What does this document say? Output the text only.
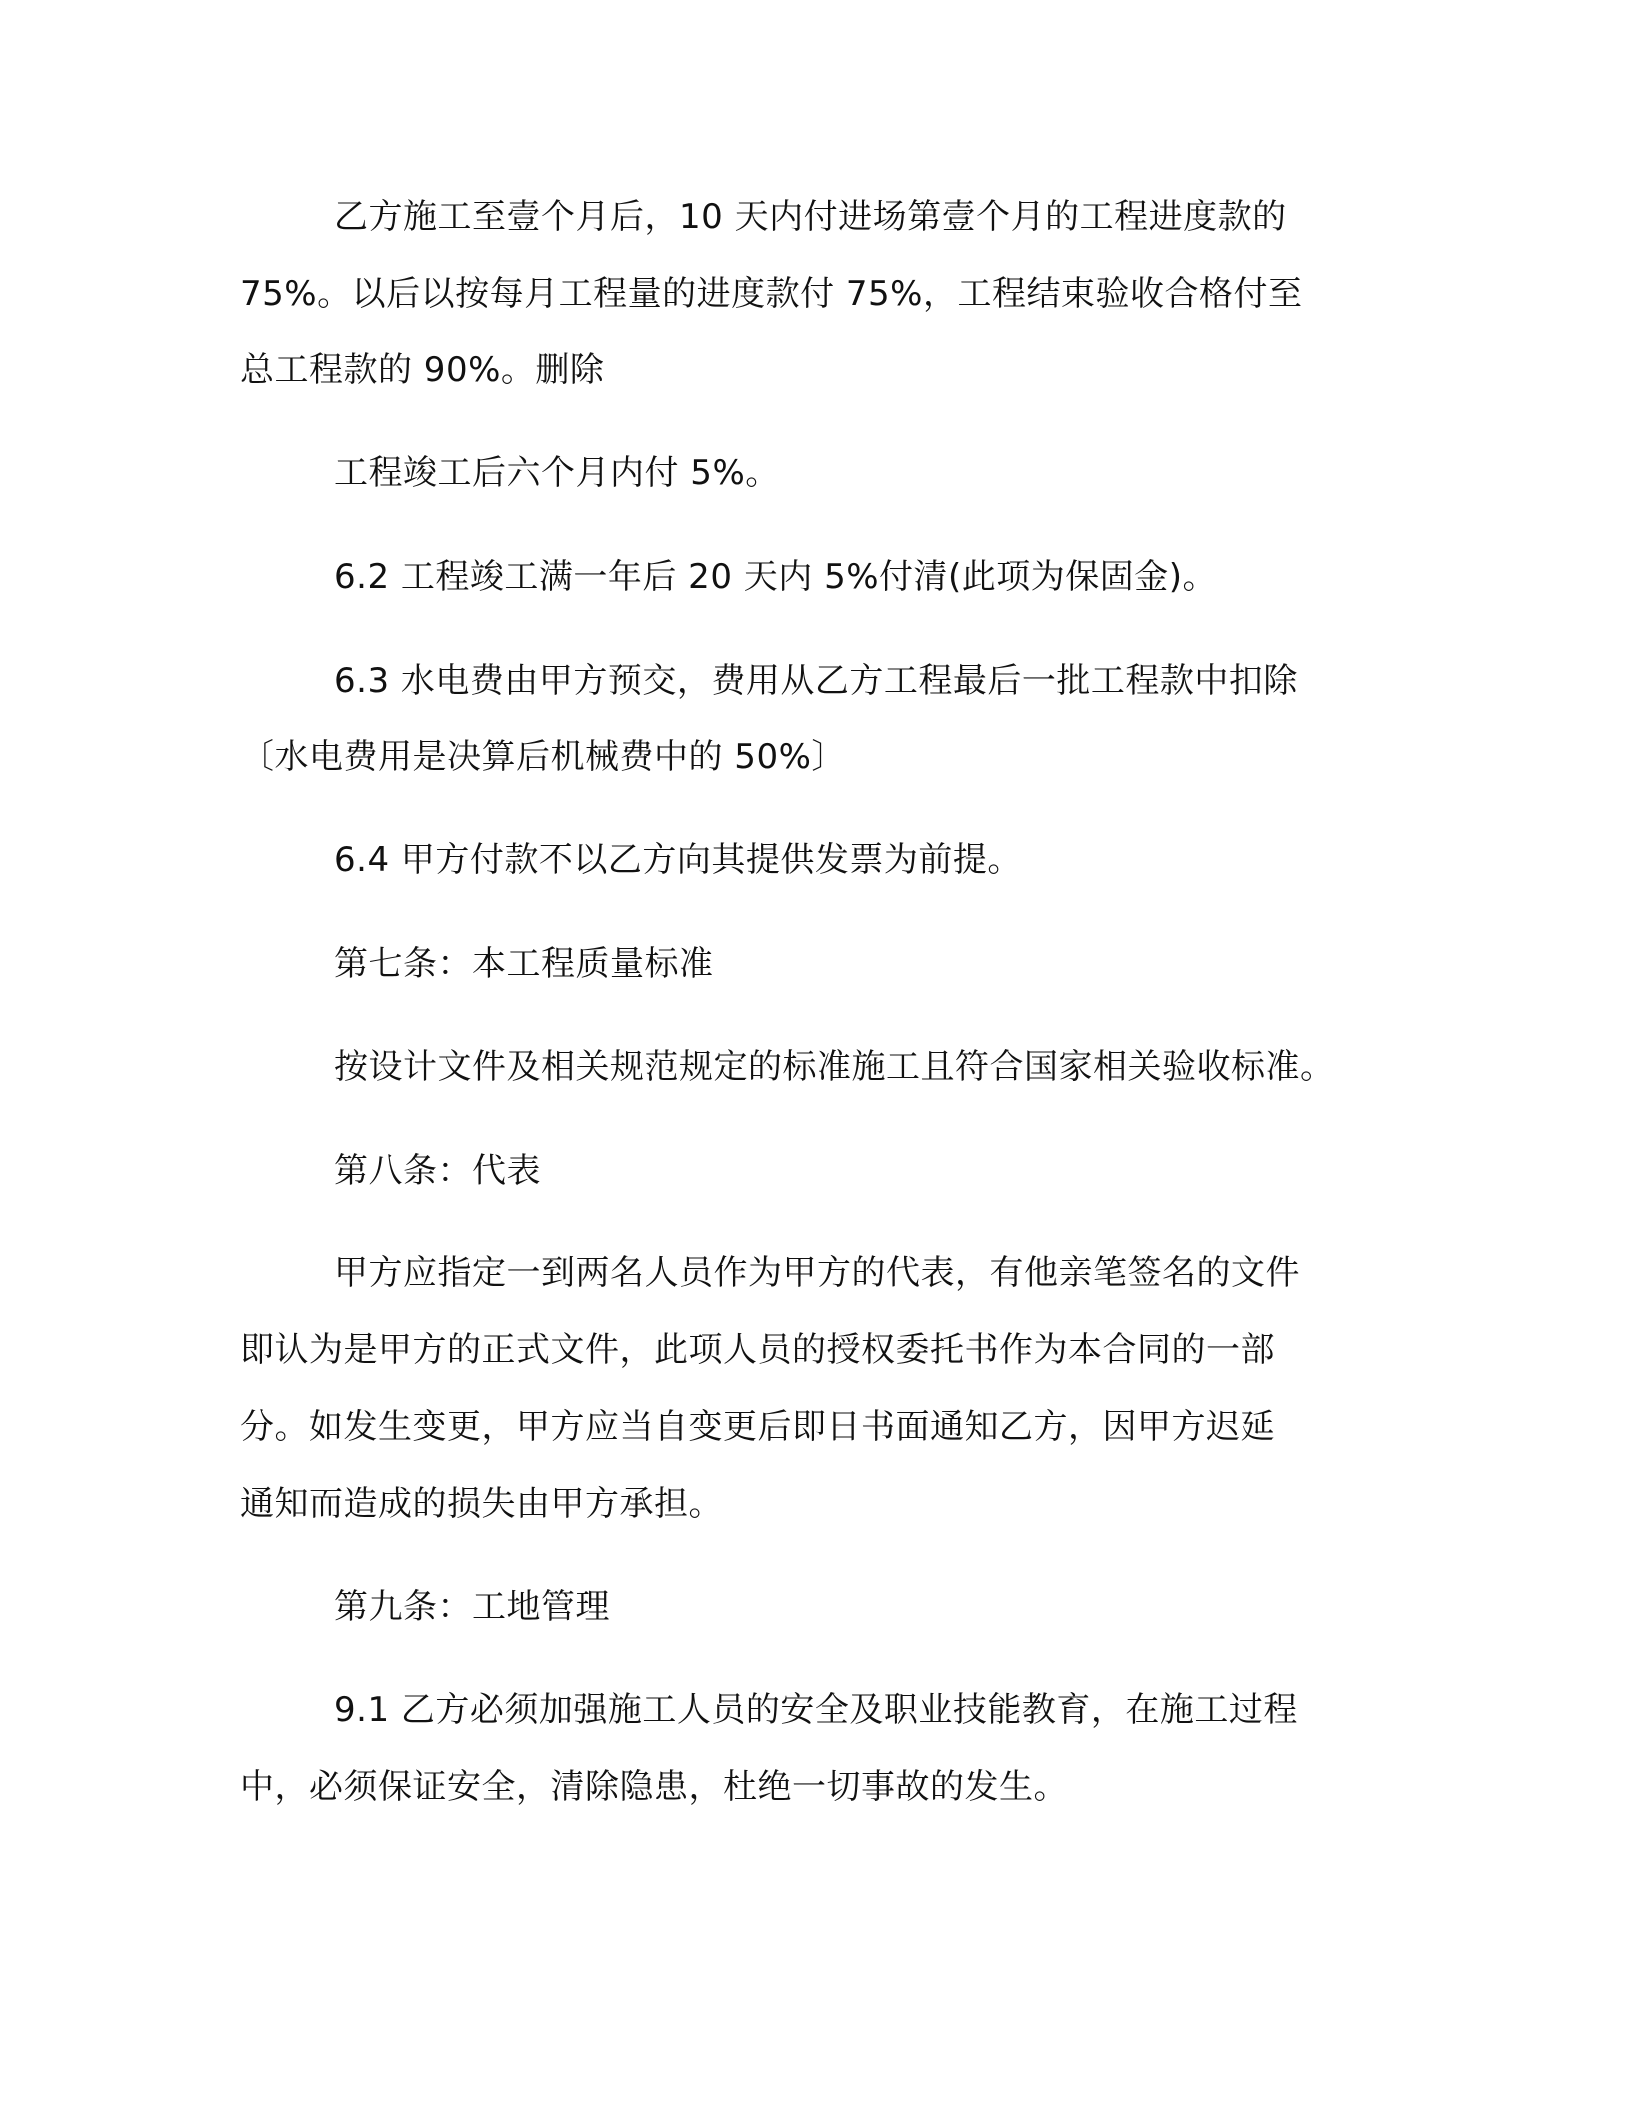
乙方施工至壹个月后，10 天内付进场第壹个月的工程进度款的
75%。以后以按每月工程量的进度款付 75%，工程结束验收合格付至
总工程款的 90%。删除
工程竣工后六个月内付 5%。
6.2 工程竣工满一年后 20 天内 5%付清(此项为保固金)。
6.3 水电费由甲方预交，费用从乙方工程最后一批工程款中扣除
〔水电费用是决算后机械费中的 50%〕
6.4 甲方付款不以乙方向其提供发票为前提。
第七条：本工程质量标准
按设计文件及相关规范规定的标准施工且符合国家相关验收标准。
第八条：代表
甲方应指定一到两名人员作为甲方的代表，有他亲笔签名的文件
即认为是甲方的正式文件，此项人员的授权委托书作为本合同的一部
分。如发生变更，甲方应当自变更后即日书面通知乙方，因甲方迟延
通知而造成的损失由甲方承担。
第九条：工地管理
9.1 乙方必须加强施工人员的安全及职业技能教育，在施工过程
中，必须保证安全，清除隐患，杜绝一切事故的发生。
